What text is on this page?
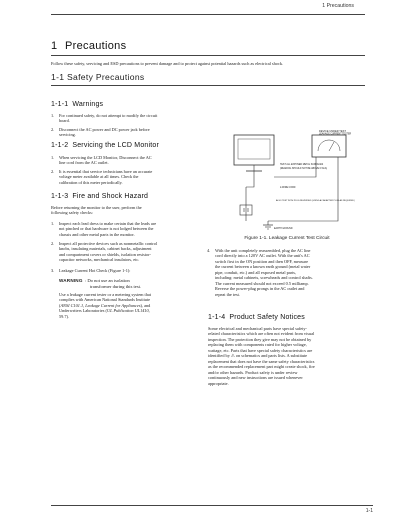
1 Precautions
1 Precautions
Follow these safety, servicing and ESD precautions to prevent damage and to protect against potential hazards such as electrical shock.
1-1 Safety Precautions
1-1-1 Warnings
1. For continued safety, do not attempt to modify the circuit
board.
2. Disconnect the AC power and DC power jack before
servicing.
1-1-2 Servicing the LCD Monitor
1. When servicing the LCD Monitor, Disconnect the AC
line cord from the AC outlet.
2. It is essential that service technicians have an accurate
voltage meter available at all times. Check the
calibration of this meter periodically.
1-1-3 Fire and Shock Hazard
Before returning the monitor to the user, perform the
following safety checks:
1. Inspect each lead dress to make certain that the leads are
not pinched or that hardware is not lodged between the
chassis and other metal parts in the monitor.
2. Inspect all protective devices such as nonmetallic control
knobs, insulating materials, cabinet backs, adjustment
and compartment covers or shields, isolation resistor-
capacitor networks, mechanical insulators, etc.
3. Leakage Current Hot Check (Figure 1-1):
WARNING : Do not use an isolation
transformer during this test.
Use a leakage current tester or a metering system that
complies with American National Standards Institute
(ANSI C101.1, Leakage Current for Appliances), and
Underwriters Laboratories (UL Publication UL1410,
59.7).
DEVICE UNDER TEST
LEAKAGE CURRENT TESTER
TEST ALL EXPOSED METAL SURFACES
(READING SHOULD NOT BE ABOVE 0.5mA)
2-WIRE CORD
ALSO TEST WITH PLUG REVERSED (USING AC ADAPTER PLUG AS REQUIRED)
EARTH GROUND
Figure 1-1. Leakage Current Test Circuit
4. With the unit completely reassembled, plug the AC line
cord directly into a 120V AC outlet. With the unit's AC
switch first in the ON position and then OFF, measure
the current between a known earth ground (metal water
pipe, conduit, etc.) and all exposed metal parts,
including: metal cabinets, screwheads and control shafts.
The current measured should not exceed 0.5 milliamp.
Reverse the power-plug prongs in the AC outlet and
repeat the test.
1-1-4 Product Safety Notices
Some electrical and mechanical parts have special safety-
related characteristics which are often not evident from visual
inspection. The protection they give may not be obtained by
replacing them with components rated for higher voltage,
wattage, etc. Parts that have special safety characteristics are
identified by ⚠ on schematics and parts lists. A substitute
replacement that does not have the same safety characteristics
as the recommended replacement part might create shock, fire
and/or other hazards. Product safety is under review
continuously and new instructions are issued whenever
appropriate.
1-1
